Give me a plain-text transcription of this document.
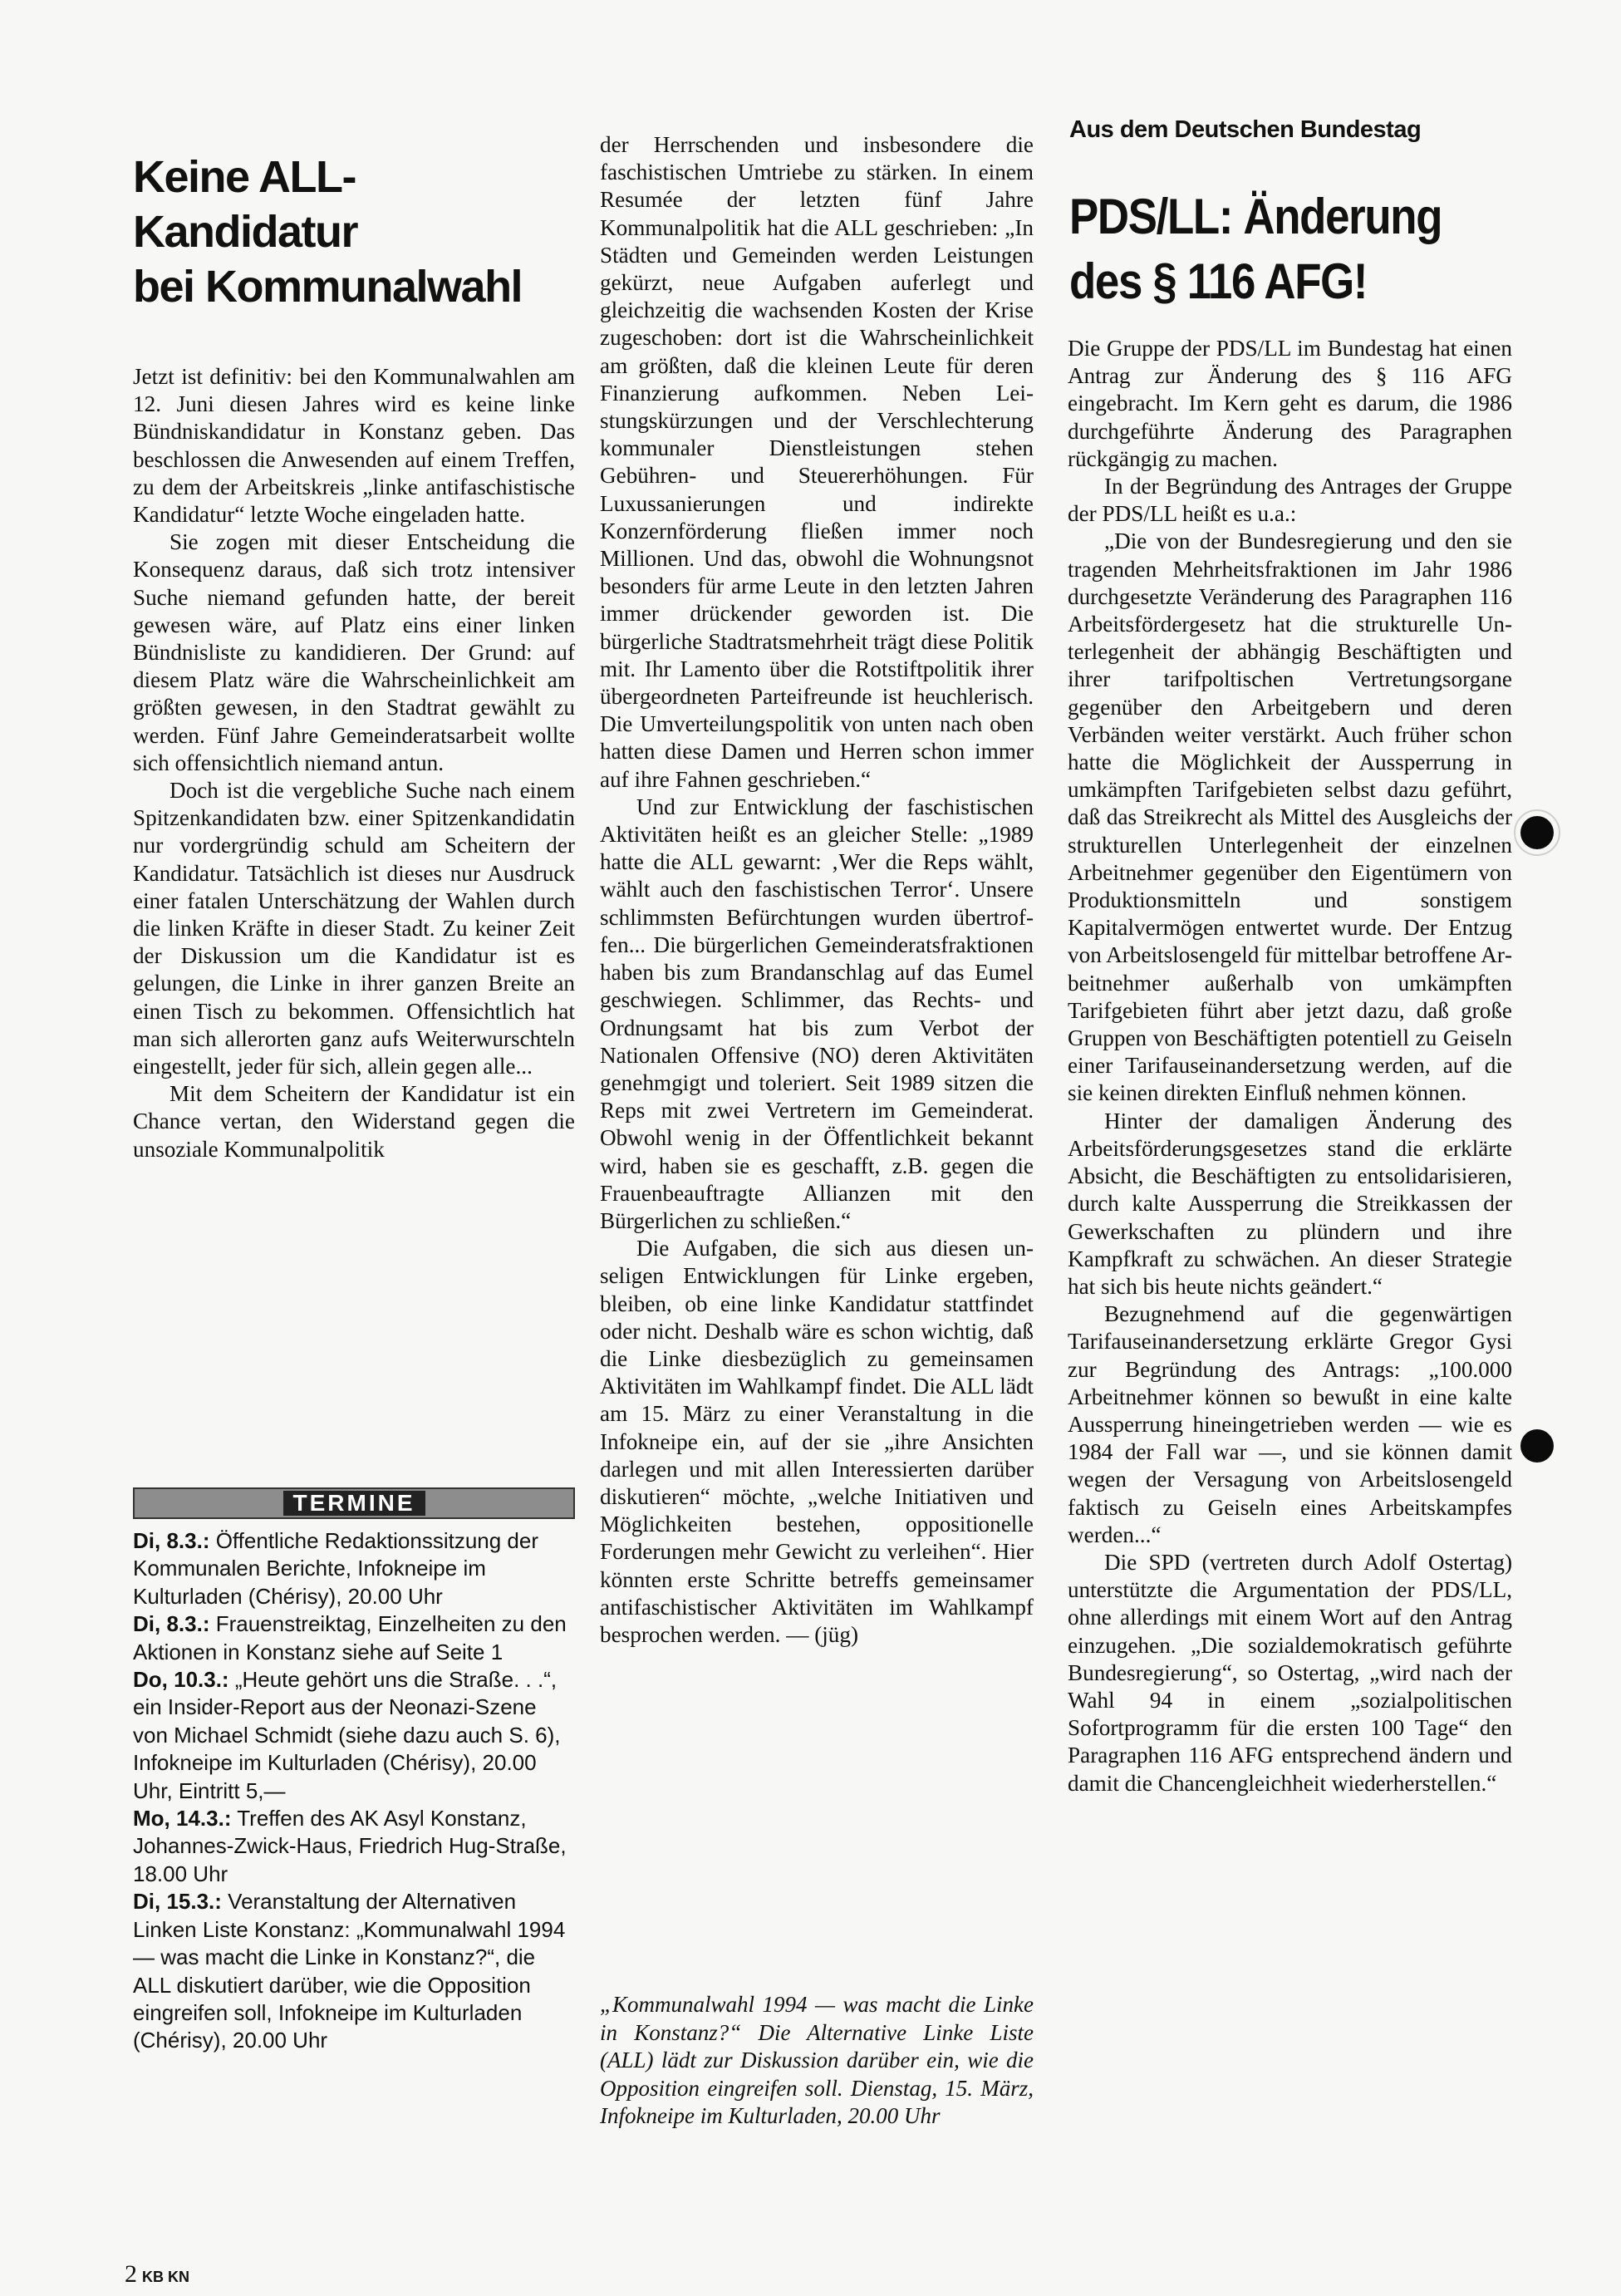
Keine ALL-
Kandidatur
bei Kommunalwahl

Jetzt ist definitiv: bei den Kommunalwahlen am 12. Juni diesen Jahres wird es keine linke Bündniskandidatur in Konstanz geben. Das beschlossen die Anwesenden auf einem Treffen, zu dem der Arbeitskreis „linke antifaschistische Kandidatur“ letzte Woche eingeladen hatte.

Sie zogen mit dieser Entscheidung die Konsequenz daraus, daß sich trotz intensiver Suche niemand gefunden hatte, der bereit gewesen wäre, auf Platz eins einer linken Bündnisliste zu kandidieren. Der Grund: auf diesem Platz wäre die Wahrscheinlichkeit am größten gewesen, in den Stadtrat gewählt zu werden. Fünf Jahre Gemeinderatsarbeit wollte sich offensichtlich niemand antun.

Doch ist die vergebliche Suche nach einem Spitzenkandidaten bzw. einer Spitzenkandidatin nur vordergründig schuld am Scheitern der Kandidatur. Tatsächlich ist dieses nur Ausdruck einer fatalen Unterschätzung der Wahlen durch die linken Kräfte in dieser Stadt. Zu keiner Zeit der Diskussion um die Kandidatur ist es gelungen, die Linke in ihrer ganzen Breite an einen Tisch zu bekommen. Offensichtlich hat man sich allerorten ganz aufs Weiterwurschteln eingestellt, jeder für sich, allein gegen alle...

Mit dem Scheitern der Kandidatur ist ein Chance vertan, den Widerstand gegen die unsoziale Kommunalpolitik

TERMINE

Di, 8.3.: Öffentliche Redaktionssitzung der Kommunalen Berichte, Infokneipe im Kulturladen (Chérisy), 20.00 Uhr

Di, 8.3.: Frauenstreiktag, Einzelheiten zu den Aktionen in Konstanz siehe auf Seite 1

Do, 10.3.: „Heute gehört uns die Straße. . .“, ein Insider-Report aus der Neonazi-Szene von Michael Schmidt (siehe dazu auch S. 6), Infokneipe im Kulturladen (Chérisy), 20.00 Uhr, Eintritt 5,—

Mo, 14.3.: Treffen des AK Asyl Konstanz, Johannes-Zwick-Haus, Friedrich Hug-Straße, 18.00 Uhr

Di, 15.3.: Veranstaltung der Alternativen Linken Liste Konstanz: „Kommunalwahl 1994 — was macht die Linke in Konstanz?“, die ALL diskutiert darüber, wie die Opposition eingreifen soll, Infokneipe im Kulturladen (Chérisy), 20.00 Uhr

der Herrschenden und insbesondere die faschistischen Umtriebe zu stärken. In einem Resumée der letzten fünf Jahre Kommunalpolitik hat die ALL geschrieben: „In Städten und Gemeinden werden Leistungen gekürzt, neue Aufgaben auferlegt und gleichzeitig die wachsenden Kosten der Krise zugeschoben: dort ist die Wahrscheinlichkeit am größten, daß die kleinen Leute für deren Finanzierung aufkommen. Neben Leistungskürzungen und der Verschlechterung kommunaler Dienstleistungen stehen Gebühren- und Steuererhöhungen. Für Luxussanierungen und indirekte Konzernförderung fließen immer noch Millionen. Und das, obwohl die Wohnungsnot besonders für arme Leute in den letzten Jahren immer drückender geworden ist. Die bürgerliche Stadtratsmehrheit trägt diese Politik mit. Ihr Lamento über die Rotstiftpolitik ihrer übergeordneten Parteifreunde ist heuchlerisch. Die Umverteilungspolitik von unten nach oben hatten diese Damen und Herren schon immer auf ihre Fahnen geschrieben.“

Und zur Entwicklung der faschistischen Aktivitäten heißt es an gleicher Stelle: „1989 hatte die ALL gewarnt: ‚Wer die Reps wählt, wählt auch den faschistischen Terror‘. Unsere schlimmsten Befürchtungen wurden übertroffen... Die bürgerlichen Gemeinderatsfraktionen haben bis zum Brandanschlag auf das Eumel geschwiegen. Schlimmer, das Rechts- und Ordnungsamt hat bis zum Verbot der Nationalen Offensive (NO) deren Aktivitäten genehmgigt und toleriert. Seit 1989 sitzen die Reps mit zwei Vertretern im Gemeinderat. Obwohl wenig in der Öffentlichkeit bekannt wird, haben sie es geschafft, z.B. gegen die Frauenbeauftragte Allianzen mit den Bürgerlichen zu schließen.“

Die Aufgaben, die sich aus diesen unseligen Entwicklungen für Linke ergeben, bleiben, ob eine linke Kandidatur stattfindet oder nicht. Deshalb wäre es schon wichtig, daß die Linke diesbezüglich zu gemeinsamen Aktivitäten im Wahlkampf findet. Die ALL lädt am 15. März zu einer Veranstaltung in die Infokneipe ein, auf der sie „ihre Ansichten darlegen und mit allen Interessierten darüber diskutieren“ möchte, „welche Initiativen und Möglichkeiten bestehen, oppositionelle Forderungen mehr Gewicht zu verleihen“. Hier könnten erste Schritte betreffs gemeinsamer antifaschistischer Aktivitäten im Wahlkampf besprochen werden. — (jüg)

„Kommunalwahl 1994 — was macht die Linke in Konstanz?“ Die Alternative Linke Liste (ALL) lädt zur Diskussion darüber ein, wie die Opposition eingreifen soll. Dienstag, 15. März, Infokneipe im Kulturladen, 20.00 Uhr
Aus dem Deutschen Bundestag
PDS/LL: Änderung
des § 116 AFG!

Die Gruppe der PDS/LL im Bundestag hat einen Antrag zur Änderung des § 116 AFG eingebracht. Im Kern geht es darum, die 1986 durchgeführte Änderung des Paragraphen rückgängig zu machen.

In der Begründung des Antrages der Gruppe der PDS/LL heißt es u.a.:

„Die von der Bundesregierung und den sie tragenden Mehrheitsfraktionen im Jahr 1986 durchgesetzte Veränderung des Paragraphen 116 Arbeitsfördergesetz hat die strukturelle Unterlegenheit der abhängig Beschäftigten und ihrer tarifpoltischen Vertretungsorgane gegenüber den Arbeitgebern und deren Verbänden weiter verstärkt. Auch früher schon hatte die Möglichkeit der Aussperrung in umkämpften Tarifgebieten selbst dazu geführt, daß das Streikrecht als Mittel des Ausgleichs der strukturellen Unterlegenheit der einzelnen Arbeitnehmer gegenüber den Eigentümern von Produktionsmitteln und sonstigem Kapitalvermögen entwertet wurde. Der Entzug von Arbeitslosengeld für mittelbar betroffene Arbeitnehmer außerhalb von umkämpften Tarifgebieten führt aber jetzt dazu, daß große Gruppen von Beschäftigten potentiell zu Geiseln einer Tarifauseinandersetzung werden, auf die sie keinen direkten Einfluß nehmen können.

Hinter der damaligen Änderung des Arbeitsförderungsgesetzes stand die erklärte Absicht, die Beschäftigten zu entsolidarisieren, durch kalte Aussperrung die Streikkassen der Gewerkschaften zu plündern und ihre Kampfkraft zu schwächen. An dieser Strategie hat sich bis heute nichts geändert.“

Bezugnehmend auf die gegenwärtigen Tarifauseinandersetzung erklärte Gregor Gysi zur Begründung des Antrags: „100.000 Arbeitnehmer können so bewußt in eine kalte Aussperrung hineingetrieben werden — wie es 1984 der Fall war —, und sie können damit wegen der Versagung von Arbeitslosengeld faktisch zu Geiseln eines Arbeitskampfes werden...“

Die SPD (vertreten durch Adolf Ostertag) unterstützte die Argumentation der PDS/LL, ohne allerdings mit einem Wort auf den Antrag einzugehen. „Die sozialdemokratisch geführte Bundesregierung“, so Ostertag, „wird nach der Wahl 94 in einem „sozialpolitischen Sofortprogramm für die ersten 100 Tage“ den Paragraphen 116 AFG entsprechend ändern und damit die Chancengleichheit wiederherstellen.“

2 KB KN
